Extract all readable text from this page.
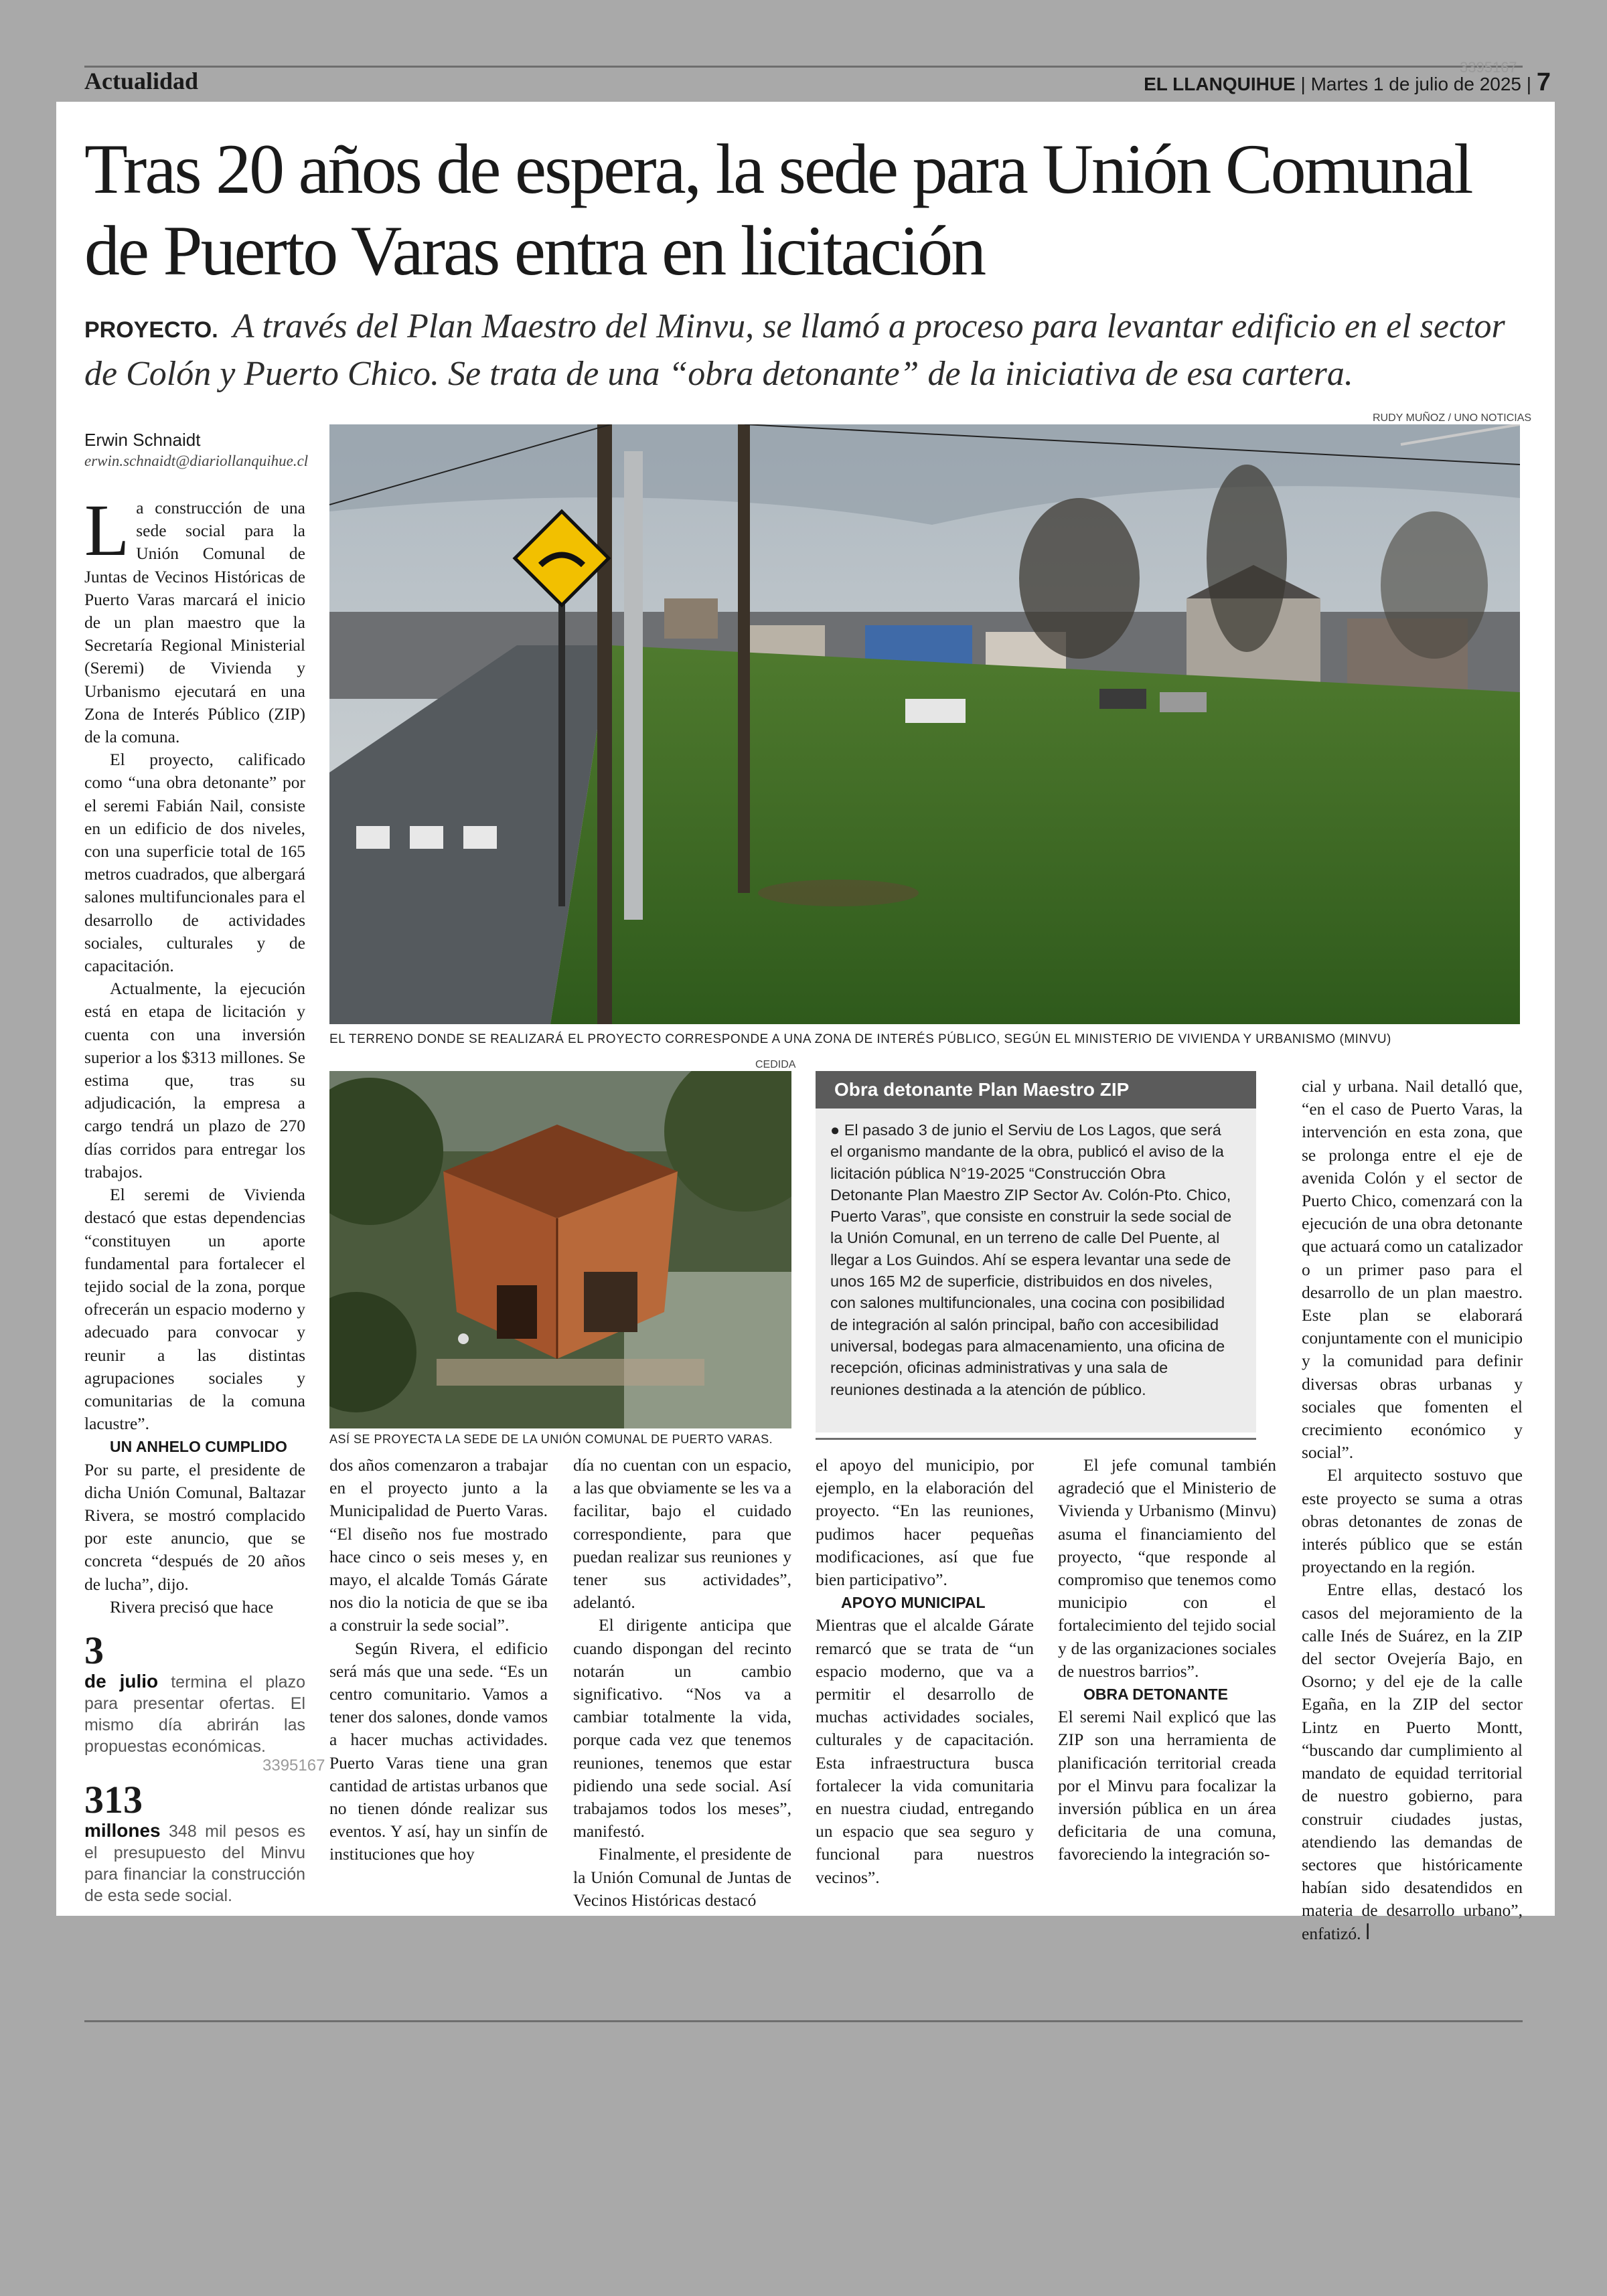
Actualidad
3395167
EL LLANQUIHUE | Martes 1 de julio de 2025 | 7
Tras 20 años de espera, la sede para Unión Comunal de Puerto Varas entra en licitación
PROYECTO. A través del Plan Maestro del Minvu, se llamó a proceso para levantar edificio en el sector de Colón y Puerto Chico. Se trata de una “obra detonante” de la iniciativa de esa cartera.
Erwin Schnaidt
erwin.schnaidt@diariollanquihue.cl
RUDY MUÑOZ / UNO NOTICIAS
EL TERRENO DONDE SE REALIZARÁ EL PROYECTO CORRESPONDE A UNA ZONA DE INTERÉS PÚBLICO, SEGÚN EL MINISTERIO DE VIVIENDA Y URBANISMO (MINVU)
CEDIDA
ASÍ SE PROYECTA LA SEDE DE LA UNIÓN COMUNAL DE PUERTO VARAS.
Obra detonante Plan Maestro ZIP
● El pasado 3 de junio el Serviu de Los Lagos, que será el organismo mandante de la obra, publicó el aviso de la licitación pública N°19-2025 “Construcción Obra Detonante Plan Maestro ZIP Sector Av. Colón-Pto. Chico, Puerto Varas”, que consiste en construir la sede social de la Unión Comunal, en un terreno de calle Del Puente, al llegar a Los Guindos. Ahí se espera levantar una sede de unos 165 M2 de superficie, distribuidos en dos niveles, con salones multifuncionales, una cocina con posibilidad de integración al salón principal, baño con accesibilidad universal, bodegas para almacenamiento, una oficina de recepción, oficinas administrativas y una sala de reuniones destinada a la atención de público.

La construcción de una sede social para la Unión Comunal de Juntas de Vecinos Históricas de Puerto Varas marcará el inicio de un plan maestro que la Secretaría Regional Ministerial (Seremi) de Vivienda y Urbanismo ejecutará en una Zona de Interés Público (ZIP) de la comuna.

El proyecto, calificado como “una obra detonante” por el seremi Fabián Nail, consiste en un edificio de dos niveles, con una superficie total de 165 metros cuadrados, que albergará salones multifuncionales para el desarrollo de actividades sociales, culturales y de capacitación.

Actualmente, la ejecución está en etapa de licitación y cuenta con una inversión superior a los $313 millones. Se estima que, tras su adjudicación, la empresa a cargo tendrá un plazo de 270 días corridos para entregar los trabajos.

El seremi de Vivienda destacó que estas dependencias “constituyen un aporte fundamental para fortalecer el tejido social de la zona, porque ofrecerán un espacio moderno y adecuado para convocar y reunir a las distintas agrupaciones sociales y comunitarias de la comuna lacustre”.

UN ANHELO CUMPLIDO

Por su parte, el presidente de dicha Unión Comunal, Baltazar Rivera, se mostró complacido por este anuncio, que se concreta “después de 20 años de lucha”, dijo.

Rivera precisó que hace

3
de julio termina el plazo para presentar ofertas. El mismo día abrirán las propuestas económicas.
313
millones 348 mil pesos es el presupuesto del Minvu para financiar la construcción de esta sede social.
3395167

dos años comenzaron a trabajar en el proyecto junto a la Municipalidad de Puerto Varas. “El diseño nos fue mostrado hace cinco o seis meses y, en mayo, el alcalde Tomás Gárate nos dio la noticia de que se iba a construir la sede social”.

Según Rivera, el edificio será más que una sede. “Es un centro comunitario. Vamos a tener dos salones, donde vamos a hacer muchas actividades. Puerto Varas tiene una gran cantidad de artistas urbanos que no tienen dónde realizar sus eventos. Y así, hay un sinfín de instituciones que hoy

día no cuentan con un espacio, a las que obviamente se les va a facilitar, bajo el cuidado correspondiente, para que puedan realizar sus reuniones y tener sus actividades”, adelantó.

El dirigente anticipa que cuando dispongan del recinto notarán un cambio significativo. “Nos va a cambiar totalmente la vida, porque cada vez que tenemos reuniones, tenemos que estar pidiendo una sede social. Así trabajamos todos los meses”, manifestó.

Finalmente, el presidente de la Unión Comunal de Juntas de Vecinos Históricas destacó

el apoyo del municipio, por ejemplo, en la elaboración del proyecto. “En las reuniones, pudimos hacer pequeñas modificaciones, así que fue bien participativo”.

APOYO MUNICIPAL

Mientras que el alcalde Gárate remarcó que se trata de “un espacio moderno, que va a permitir el desarrollo de muchas actividades sociales, culturales y de capacitación. Esta infraestructura busca fortalecer la vida comunitaria en nuestra ciudad, entregando un espacio que sea seguro y funcional para nuestros vecinos”.

El jefe comunal también agradeció que el Ministerio de Vivienda y Urbanismo (Minvu) asuma el financiamiento del proyecto, “que responde al compromiso que tenemos como municipio con el fortalecimiento del tejido social y de las organizaciones sociales de nuestros barrios”.

OBRA DETONANTE

El seremi Nail explicó que las ZIP son una herramienta de planificación territorial creada por el Minvu para focalizar la inversión pública en un área deficitaria de una comuna, favoreciendo la integración so-

cial y urbana. Nail detalló que, “en el caso de Puerto Varas, la intervención en esta zona, que se prolonga entre el eje de avenida Colón y el sector de Puerto Chico, comenzará con la ejecución de una obra detonante que actuará como un catalizador o un primer paso para el desarrollo de un plan maestro. Este plan se elaborará conjuntamente con el municipio y la comunidad para definir diversas obras urbanas y sociales que fomenten el crecimiento económico y social”.

El arquitecto sostuvo que este proyecto se suma a otras obras detonantes de zonas de interés público que se están proyectando en la región.

Entre ellas, destacó los casos del mejoramiento de la calle Inés de Suárez, en la ZIP del sector Ovejería Bajo, en Osorno; y del eje de la calle Egaña, en la ZIP del sector Lintz en Puerto Montt, “buscando dar cumplimiento al mandato de equidad territorial de nuestro gobierno, para construir ciudades justas, atendiendo las demandas de sectores que históricamente habían sido desatendidos en materia de desarrollo urbano”, enfatizó. ꟾ
